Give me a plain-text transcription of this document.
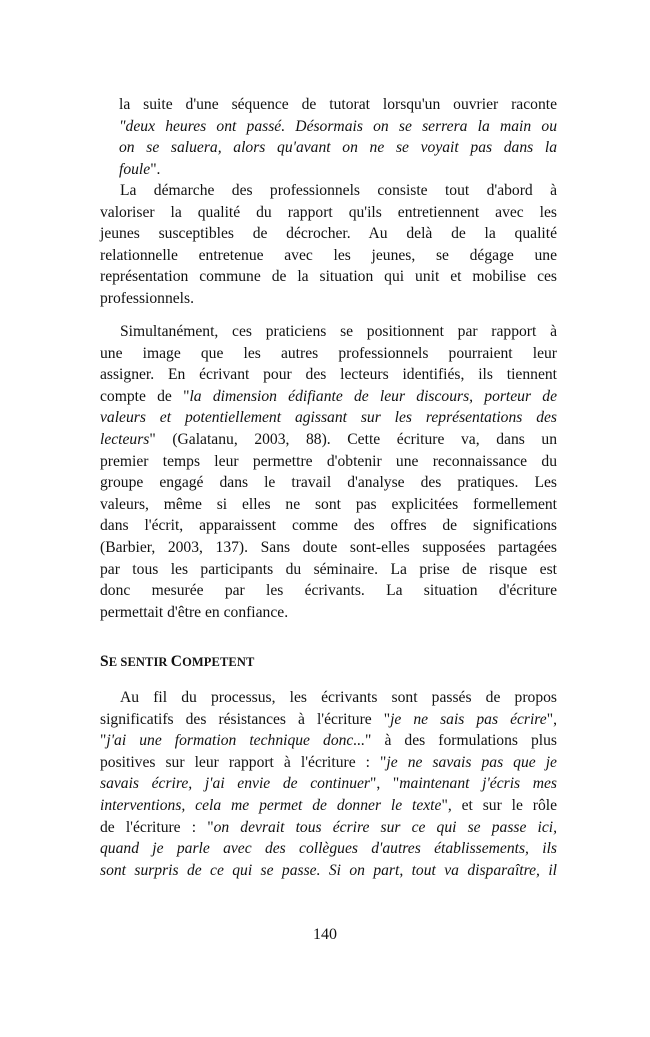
la suite d'une séquence de tutorat lorsqu'un ouvrier raconte
"deux heures ont passé. Désormais on se serrera la main ou
on se saluera, alors qu'avant on ne se voyait pas dans la
foule".
La démarche des professionnels consiste tout d'abord à
valoriser la qualité du rapport qu'ils entretiennent avec les
jeunes susceptibles de décrocher. Au delà de la qualité
relationnelle entretenue avec les jeunes, se dégage une
représentation commune de la situation qui unit et mobilise ces
professionnels.
Simultanément, ces praticiens se positionnent par rapport à
une image que les autres professionnels pourraient leur
assigner. En écrivant pour des lecteurs identifiés, ils tiennent
compte de "la dimension édifiante de leur discours, porteur de
valeurs et potentiellement agissant sur les représentations des
lecteurs" (Galatanu, 2003, 88). Cette écriture va, dans un
premier temps leur permettre d'obtenir une reconnaissance du
groupe engagé dans le travail d'analyse des pratiques. Les
valeurs, même si elles ne sont pas explicitées formellement
dans l'écrit, apparaissent comme des offres de significations
(Barbier, 2003, 137). Sans doute sont-elles supposées partagées
par tous les participants du séminaire. La prise de risque est
donc mesurée par les écrivants. La situation d'écriture
permettait d'être en confiance.
SE SENTIR COMPETENT
Au fil du processus, les écrivants sont passés de propos
significatifs des résistances à l'écriture "je ne sais pas écrire",
"j'ai une formation technique donc..." à des formulations plus
positives sur leur rapport à l'écriture : "je ne savais pas que je
savais écrire, j'ai envie de continuer", "maintenant j'écris mes
interventions, cela me permet de donner le texte", et sur le rôle
de l'écriture : "on devrait tous écrire sur ce qui se passe ici,
quand je parle avec des collègues d'autres établissements, ils
sont surpris de ce qui se passe. Si on part, tout va disparaître, il
140
